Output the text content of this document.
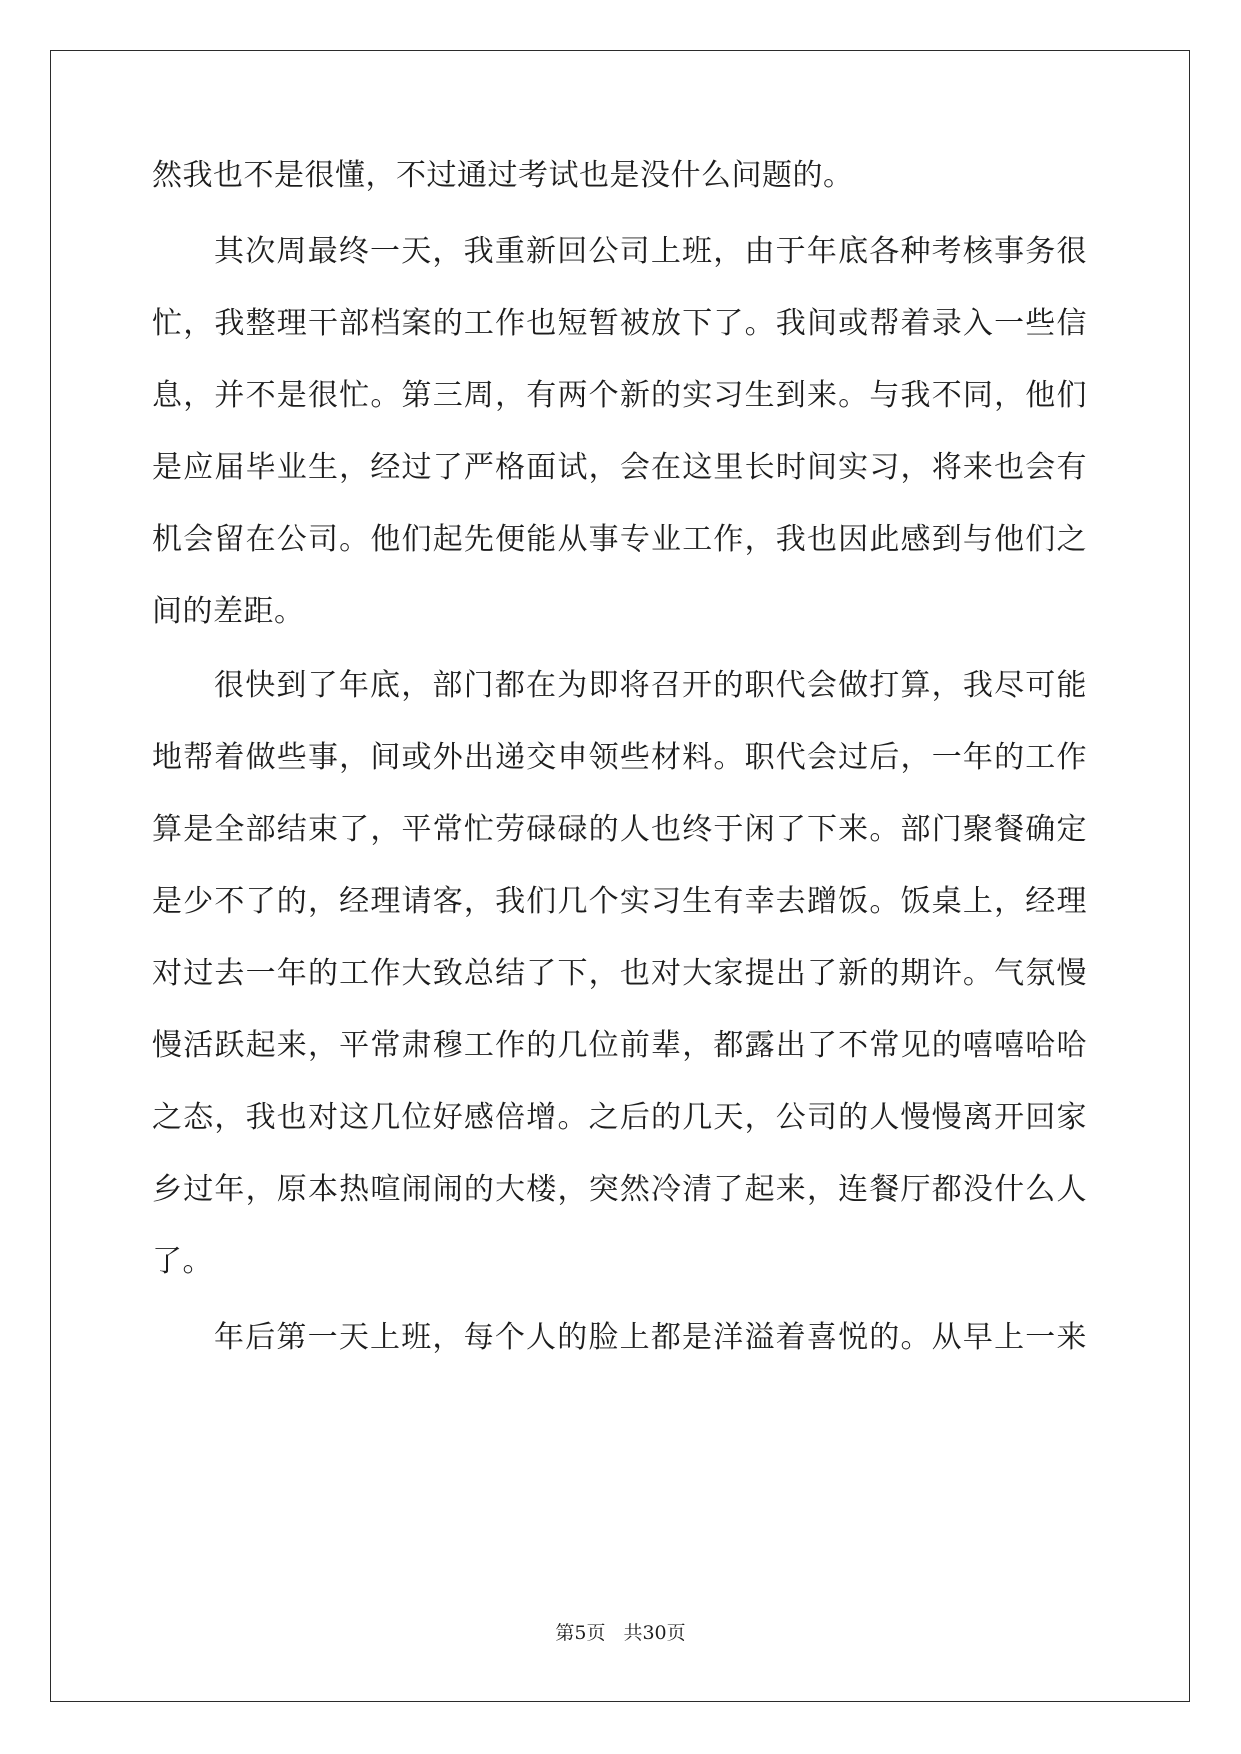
然我也不是很懂，不过通过考试也是没什么问题的。
其次周最终一天，我重新回公司上班，由于年底各种考核事务很
忙，我整理干部档案的工作也短暂被放下了。我间或帮着录入一些信
息，并不是很忙。第三周，有两个新的实习生到来。与我不同，他们
是应届毕业生，经过了严格面试，会在这里长时间实习，将来也会有
机会留在公司。他们起先便能从事专业工作，我也因此感到与他们之
间的差距。
很快到了年底，部门都在为即将召开的职代会做打算，我尽可能
地帮着做些事，间或外出递交申领些材料。职代会过后，一年的工作
算是全部结束了，平常忙劳碌碌的人也终于闲了下来。部门聚餐确定
是少不了的，经理请客，我们几个实习生有幸去蹭饭。饭桌上，经理
对过去一年的工作大致总结了下，也对大家提出了新的期许。气氛慢
慢活跃起来，平常肃穆工作的几位前辈，都露出了不常见的嘻嘻哈哈
之态，我也对这几位好感倍增。之后的几天，公司的人慢慢离开回家
乡过年，原本热喧闹闹的大楼，突然冷清了起来，连餐厅都没什么人
了。
年后第一天上班，每个人的脸上都是洋溢着喜悦的。从早上一来
第5页 共30页
